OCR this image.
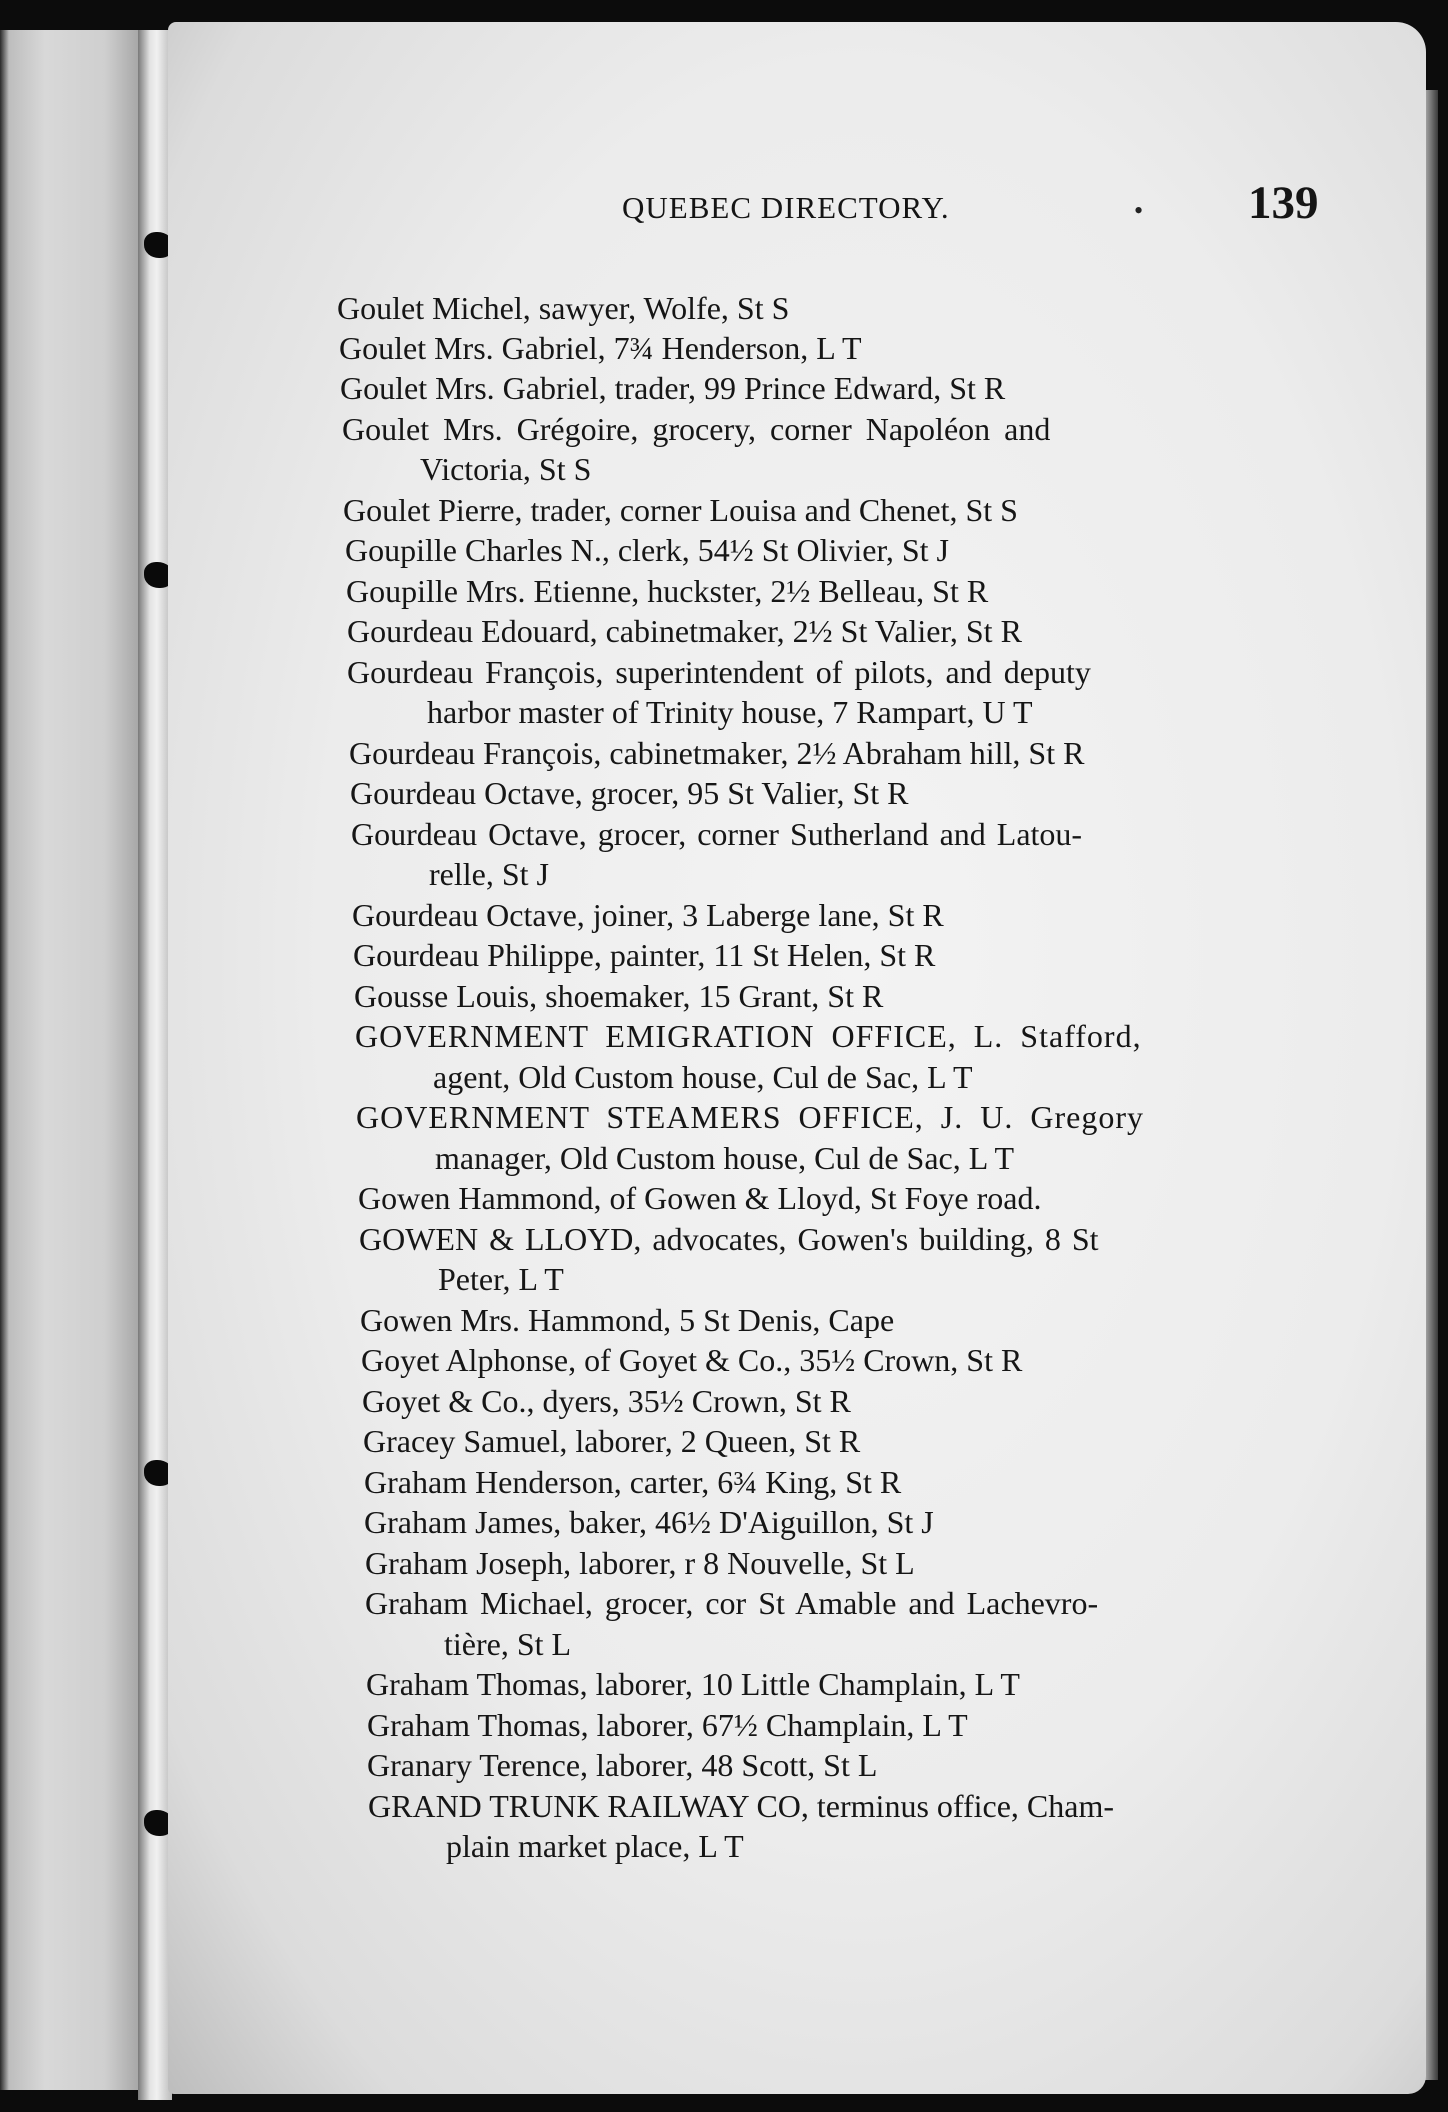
QUEBEC DIRECTORY.	• 139
Goulet Michel, sawyer, Wolfe, St S
Goulet Mrs. Gabriel, 7¾ Henderson, L T
Goulet Mrs. Gabriel, trader, 99 Prince Edward, St R
Goulet Mrs. Grégoire, grocery, corner Napoléon and
Victoria, St S
Goulet Pierre, trader, corner Louisa and Chenet, St S
Goupille Charles N., clerk, 54½ St Olivier, St J
Goupille Mrs. Etienne, huckster, 2½ Belleau, St R
Gourdeau Edouard, cabinetmaker, 2½ St Valier, St R
Gourdeau François, superintendent of pilots, and deputy
harbor master of Trinity house, 7 Rampart, U T
Gourdeau François, cabinetmaker, 2½ Abraham hill, St R
Gourdeau Octave, grocer, 95 St Valier, St R
Gourdeau Octave, grocer, corner Sutherland and Latou-
relle, St J
Gourdeau Octave, joiner, 3 Laberge lane, St R
Gourdeau Philippe, painter, 11 St Helen, St R
Gousse Louis, shoemaker, 15 Grant, St R
GOVERNMENT EMIGRATION OFFICE, L. Stafford,
agent, Old Custom house, Cul de Sac, L T
GOVERNMENT STEAMERS OFFICE, J. U. Gregory
manager, Old Custom house, Cul de Sac, L T
Gowen Hammond, of Gowen & Lloyd, St Foye road.
GOWEN & LLOYD, advocates, Gowen's building, 8 St
Peter, L T
Gowen Mrs. Hammond, 5 St Denis, Cape
Goyet Alphonse, of Goyet & Co., 35½ Crown, St R
Goyet & Co., dyers, 35½ Crown, St R
Gracey Samuel, laborer, 2 Queen, St R
Graham Henderson, carter, 6¾ King, St R
Graham James, baker, 46½ D'Aiguillon, St J
Graham Joseph, laborer, r 8 Nouvelle, St L
Graham Michael, grocer, cor St Amable and Lachevro-
tière, St L
Graham Thomas, laborer, 10 Little Champlain, L T
Graham Thomas, laborer, 67½ Champlain, L T
Granary Terence, laborer, 48 Scott, St L
GRAND TRUNK RAILWAY CO, terminus office, Cham-
plain market place, L T
